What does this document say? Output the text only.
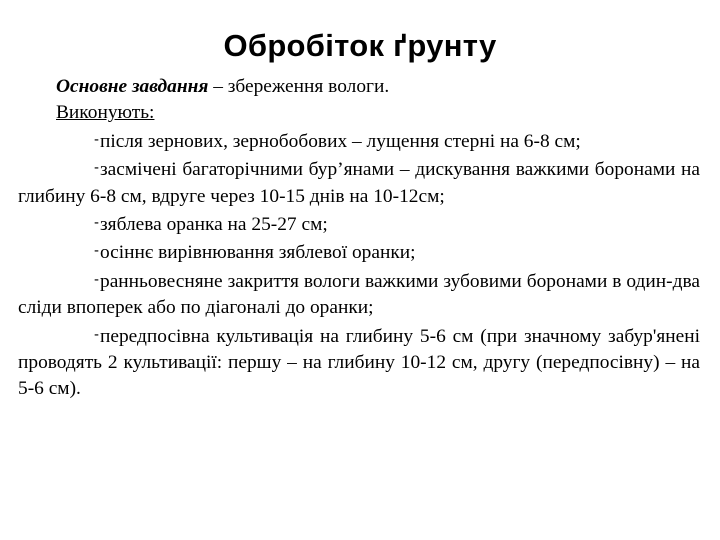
Обробіток ґрунту

Основне завдання – збереження вологи.

Виконують:

-після зернових, зернобобових – лущення стерні на 6-8 см;

-засмічені багаторічними бур’янами – дискування важкими боронами на глибину 6-8 см, вдруге через 10-15 днів на 10-12см;

-зяблева оранка на 25-27 см;

-осіннє вирівнювання зяблевої оранки;

-ранньовесняне закриття вологи важкими зубовими боронами в один-два сліди впоперек або по діагоналі до оранки;

-передпосівна культивація на глибину 5-6 см (при значному забур'янені проводять 2 культивації: першу – на глибину 10-12 см, другу (передпосівну) – на 5-6 см).
